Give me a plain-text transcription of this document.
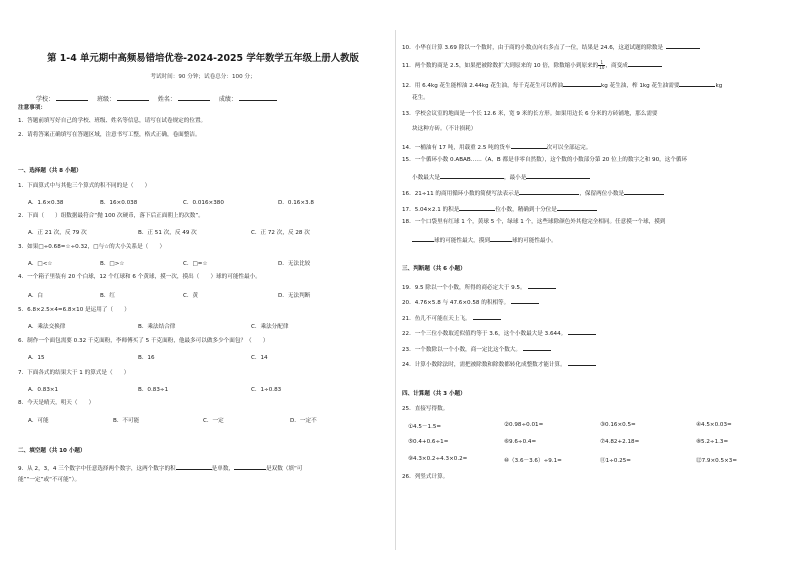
第 1-4 单元期中高频易错培优卷-2024-2025 学年数学五年级上册人教版
考试时间：90 分钟；试卷总分：100 分；
学校：	班级：	姓名：	成绩：
注意事项：
1．答题前填写好自己的学校、班级、姓名等信息，请写在试卷规定的位置。
2．请将答案正确填写在答题区域，注意书写工整，格式正确，卷面整洁。
一、选择题（共 8 小题）
1．下面算式中与其他三个算式的积不同的是（　　）
A．1.6×0.38	B．16×0.038	C．0.016×380	D．0.16×3.8
2．下面（　　）组数据最符合“抛 100 次硬币，落下后正面朝上的次数”。
A．正 21 次，反 79 次	B．正 51 次，反 49 次	C．正 72 次，反 28 次
3．如果□÷0.68=☆÷0.32，□与☆的大小关系是（　　）
A．□<☆	B．□>☆	C．□=☆	D．无法比较
4．一个箱子里装有 20 个白球，12 个红球和 6 个黄球，摸一次，摸出（　　）球的可能性最小。
A．白	B．红	C．黄	D．无法判断
5．6.8×2.5×4=6.8×10 是运用了（　　）
A．乘法交换律	B．乘法结合律	C．乘法分配律
6．制作一个面包需要 0.32 千克面粉，李师傅买了 5 千克面粉，他最多可以做多少个面包？（　　）
A．15	B．16	C．14
7．下面各式的结果大于 1 的算式是（　　）
A．0.83×1	B．0.83÷1	C．1÷0.83
8．今天是晴天，明天（　　）
A．可能	B．不可能	C．一定	D．一定不
二、填空题（共 10 小题）
9．从 2，3，4 三个数字中任意选择两个数字，这两个数字的积	是单数，	是双数（填“可
能”“一定”或“不可能”）。
10．小华在计算 3.69 除以一个数时，由于商的小数点向右多点了一位，结果是 24.6，这道试题的除数是
11．两个数的商是 2.5，如果把被除数扩大到原来的 10 倍，除数缩小到原来的 $\frac{1}{10}$ ，商变成
12．用 6.4kg 花生能榨油 2.44kg 花生油，每千克花生可以榨油	kg 花生油，榨 1kg 花生油需要	kg
花生。
13．学校会议室的地面是一个长 12.6 米，宽 9 米的长方形。如果用边长 6 分米的方砖铺地，那么需要
块这种方砖。（不计损耗）
14．一桶油有 17 吨，用载重 2.5 吨的货车	次可以全部运完。
15．一个循环小数 0.ABAB……（A、B 都是非零自然数），这个数的小数部分第 20 位上的数字之和 90，这个循环
小数最大是	，最小是
16．21÷11 的商用循环小数的简便写法表示是	，保留两位小数是
17．5.04×2.1 的积是	位小数，精确到十分位是
18．一个口袋里有红球 1 个，黄球 5 个，绿球 1 个，这些球除颜色外其他完全相同。任意摸一个球，摸到
球的可能性最大，摸到	球的可能性最小。
三、判断题（共 6 小题）
19．9.5 除以一个小数，所得的商必定大于 9.5。
20．4.76×5.8 与 47.6×0.58 的积相等。
21．鱼儿不可能在天上飞。
22．一个三位小数取近似值约等于 3.6，这个小数最大是 3.644。
23．一个数除以一个小数，商一定比这个数大。
24．计算小数除法时，需把被除数和除数都转化成整数才能计算。
四、计算题（共 3 小题）
25．直接写得数。
①4.5－1.5=	②0.98÷0.01=	③0.16×0.5=	④4.5×0.03=
⑤0.4+0.6÷1=	⑥9.6÷0.4=	⑦4.82+2.18=	⑧5.2÷1.3=
⑨4.3×0.2÷4.3×0.2=	⑩（3.6－3.6）÷9.1=	⑪1÷0.25=	⑫7.9×0.5×3=
26．列竖式计算。
